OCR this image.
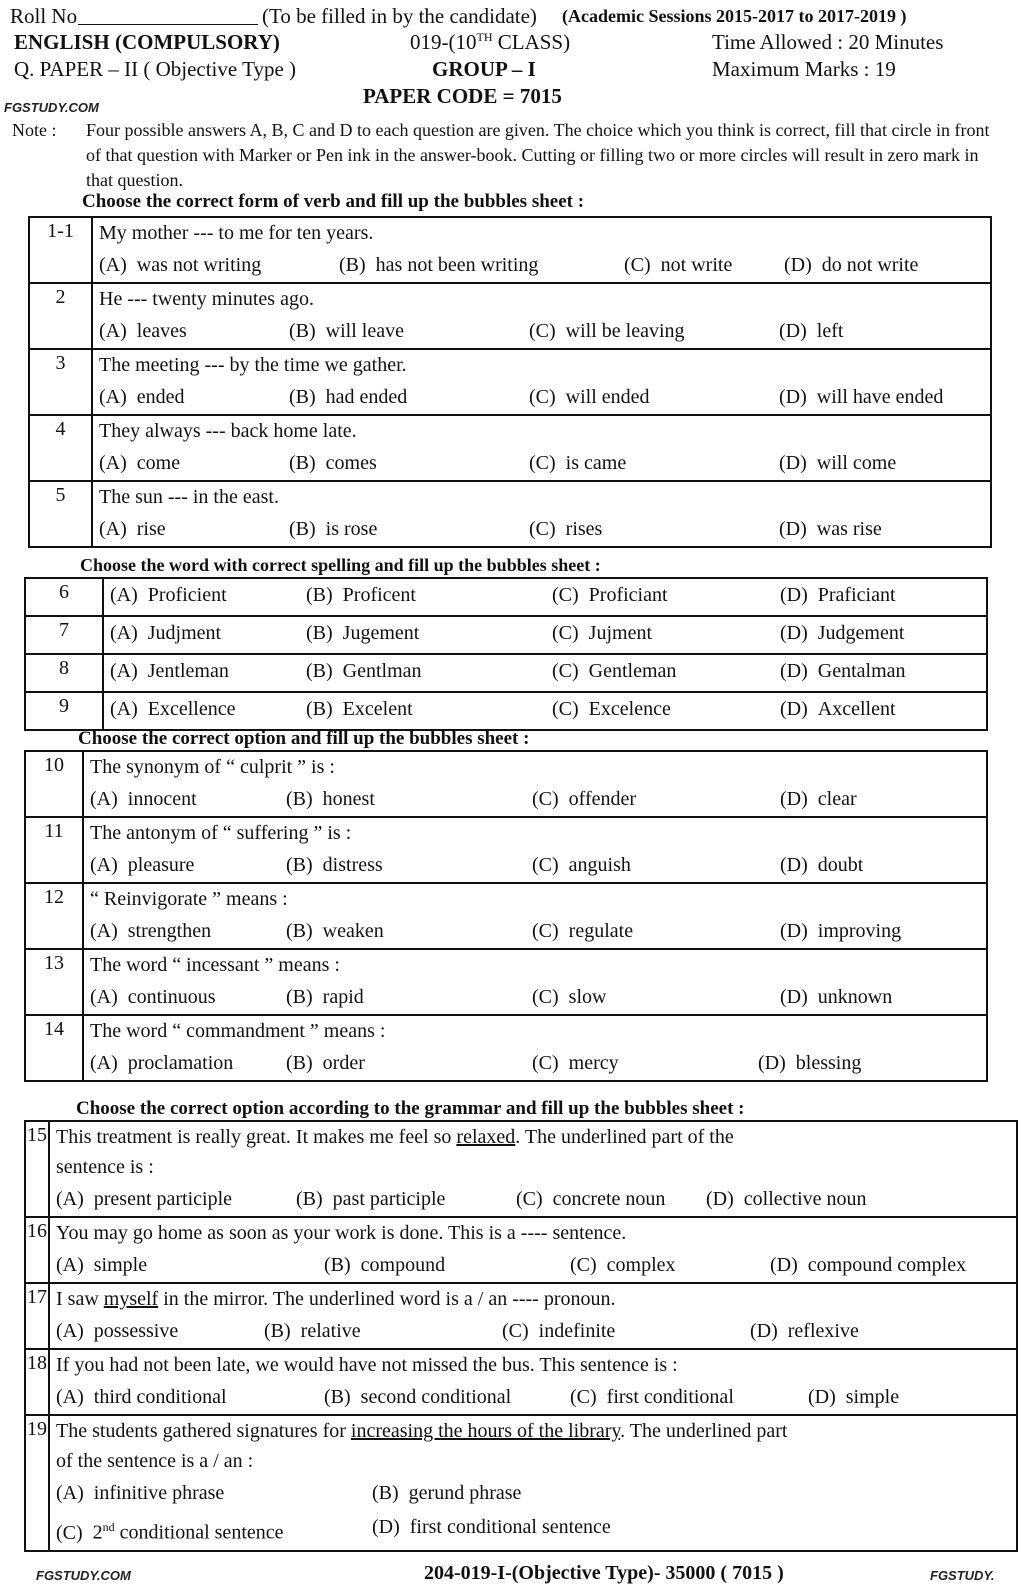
Roll No	(To be filled in by the candidate) (Academic Sessions 2015-2017 to 2017-2019 )
ENGLISH (COMPULSORY)	019-(10TH CLASS)	Time Allowed : 20 Minutes
Q. PAPER – II ( Objective Type )	GROUP – I	Maximum Marks : 19
FGSTUDY.COM	PAPER CODE = 7015
Note : Four possible answers A, B, C and D to each question are given. The choice which you think is correct, fill that circle in front of that question with Marker or Pen ink in the answer-book. Cutting or filling two or more circles will result in zero mark in that question.
Choose the correct form of verb and fill up the bubbles sheet :
1-1	My mother --- to me for ten years.
(A) was not writing (B) has not been writing (C) not write (D) do not write

2	He --- twenty minutes ago.
(A) leaves (B) will leave (C) will be leaving (D) left

3	The meeting --- by the time we gather.
(A) ended (B) had ended (C) will ended (D) will have ended

4	They always --- back home late.
(A) come (B) comes (C) is came (D) will come

5	The sun --- in the east.
(A) rise (B) is rose (C) rises (D) was rise
Choose the word with correct spelling and fill up the bubbles sheet :
6	(A) Proficient (B) Proficent (C) Proficiant (D) Praficiant

7	(A) Judjment (B) Jugement (C) Jujment (D) Judgement

8	(A) Jentleman (B) Gentlman (C) Gentleman (D) Gentalman

9	(A) Excellence (B) Excelent (C) Excelence (D) Axcellent
Choose the correct option and fill up the bubbles sheet :
10	The synonym of “ culprit ” is :
(A) innocent (B) honest (C) offender (D) clear

11	The antonym of “ suffering ” is :
(A) pleasure (B) distress (C) anguish (D) doubt

12	“ Reinvigorate ” means :
(A) strengthen (B) weaken (C) regulate (D) improving

13	The word “ incessant ” means :
(A) continuous (B) rapid (C) slow (D) unknown

14	The word “ commandment ” means :
(A) proclamation (B) order (C) mercy (D) blessing
Choose the correct option according to the grammar and fill up the bubbles sheet :
15	This treatment is really great. It makes me feel so relaxed. The underlined part of the
sentence is :
(A) present participle	(B) past participle	(C) concrete noun	(D) collective noun

16	You may go home as soon as your work is done. This is a ---- sentence.
(A) simple (B) compound (C) complex (D) compound complex

17	I saw myself in the mirror. The underlined word is a / an ---- pronoun.
(A) possessive (B) relative (C) indefinite (D) reflexive

18	If you had not been late, we would have not missed the bus. This sentence is :
(A) third conditional (B) second conditional (C) first conditional (D) simple

19	The students gathered signatures for increasing the hours of the library. The underlined part
of the sentence is a / an :
(A) infinitive phrase	(B) gerund phrase
(C) 2nd conditional sentence	(D) first conditional sentence
FGSTUDY.COM	204-019-I-(Objective Type)- 35000 ( 7015 )	FGSTUDY.
